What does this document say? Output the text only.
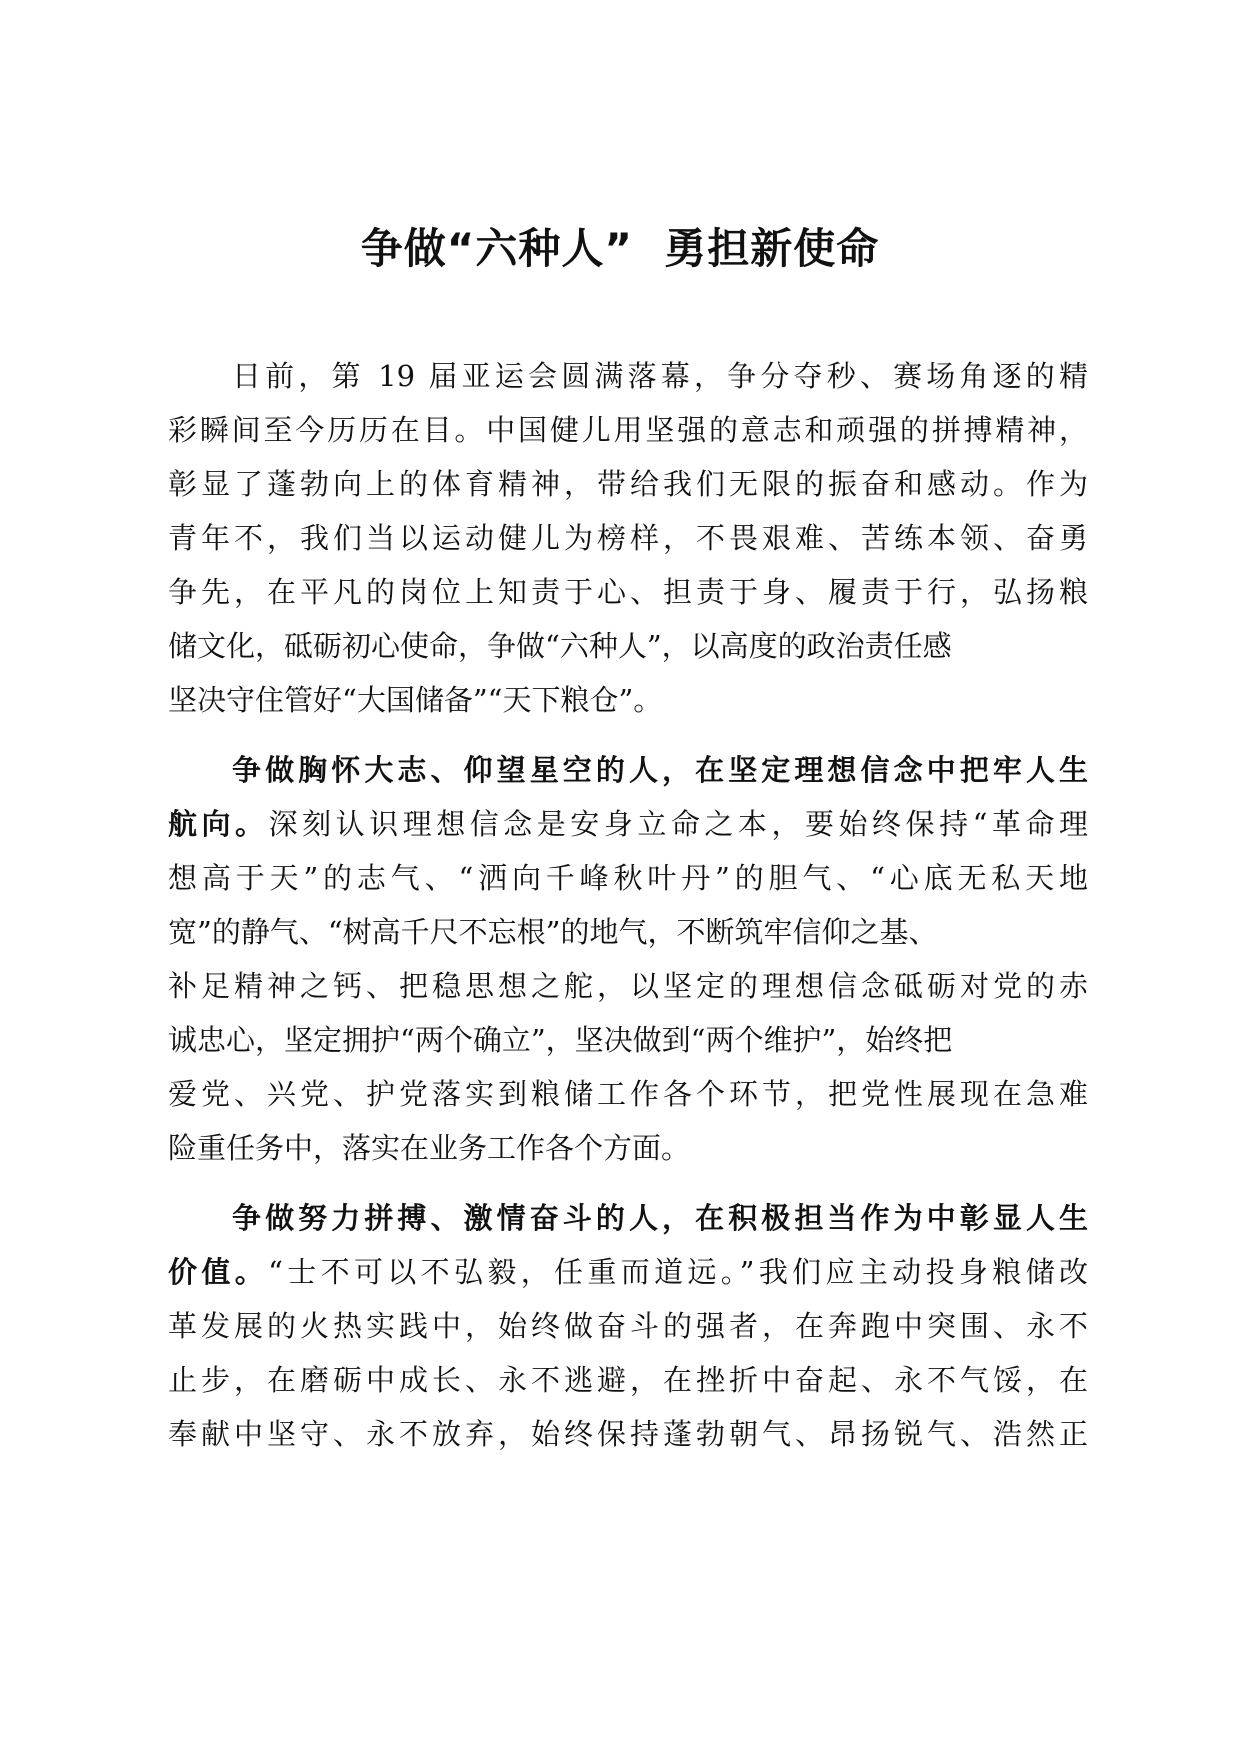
争做“六种人”  勇担新使命
日前，第 19 届亚运会圆满落幕，争分夺秒、赛场角逐的精
彩瞬间至今历历在目。中国健儿用坚强的意志和顽强的拼搏精神，
彰显了蓬勃向上的体育精神，带给我们无限的振奋和感动。作为
青年不，我们当以运动健儿为榜样，不畏艰难、苦练本领、奋勇
争先，在平凡的岗位上知责于心、担责于身、履责于行，弘扬粮
储文化，砥砺初心使命，争做“六种人”，以高度的政治责任感
坚决守住管好“大国储备”“天下粮仓”。
争做胸怀大志、仰望星空的人，在坚定理想信念中把牢人生
航向。深刻认识理想信念是安身立命之本，要始终保持“革命理
想高于天”的志气、“洒向千峰秋叶丹”的胆气、“心底无私天地
宽”的静气、“树高千尺不忘根”的地气，不断筑牢信仰之基、
补足精神之钙、把稳思想之舵，以坚定的理想信念砥砺对党的赤
诚忠心，坚定拥护“两个确立”，坚决做到“两个维护”，始终把
爱党、兴党、护党落实到粮储工作各个环节，把党性展现在急难
险重任务中，落实在业务工作各个方面。
争做努力拼搏、激情奋斗的人，在积极担当作为中彰显人生
价值。“士不可以不弘毅，任重而道远。”我们应主动投身粮储改
革发展的火热实践中，始终做奋斗的强者，在奔跑中突围、永不
止步，在磨砺中成长、永不逃避，在挫折中奋起、永不气馁，在
奉献中坚守、永不放弃，始终保持蓬勃朝气、昂扬锐气、浩然正
